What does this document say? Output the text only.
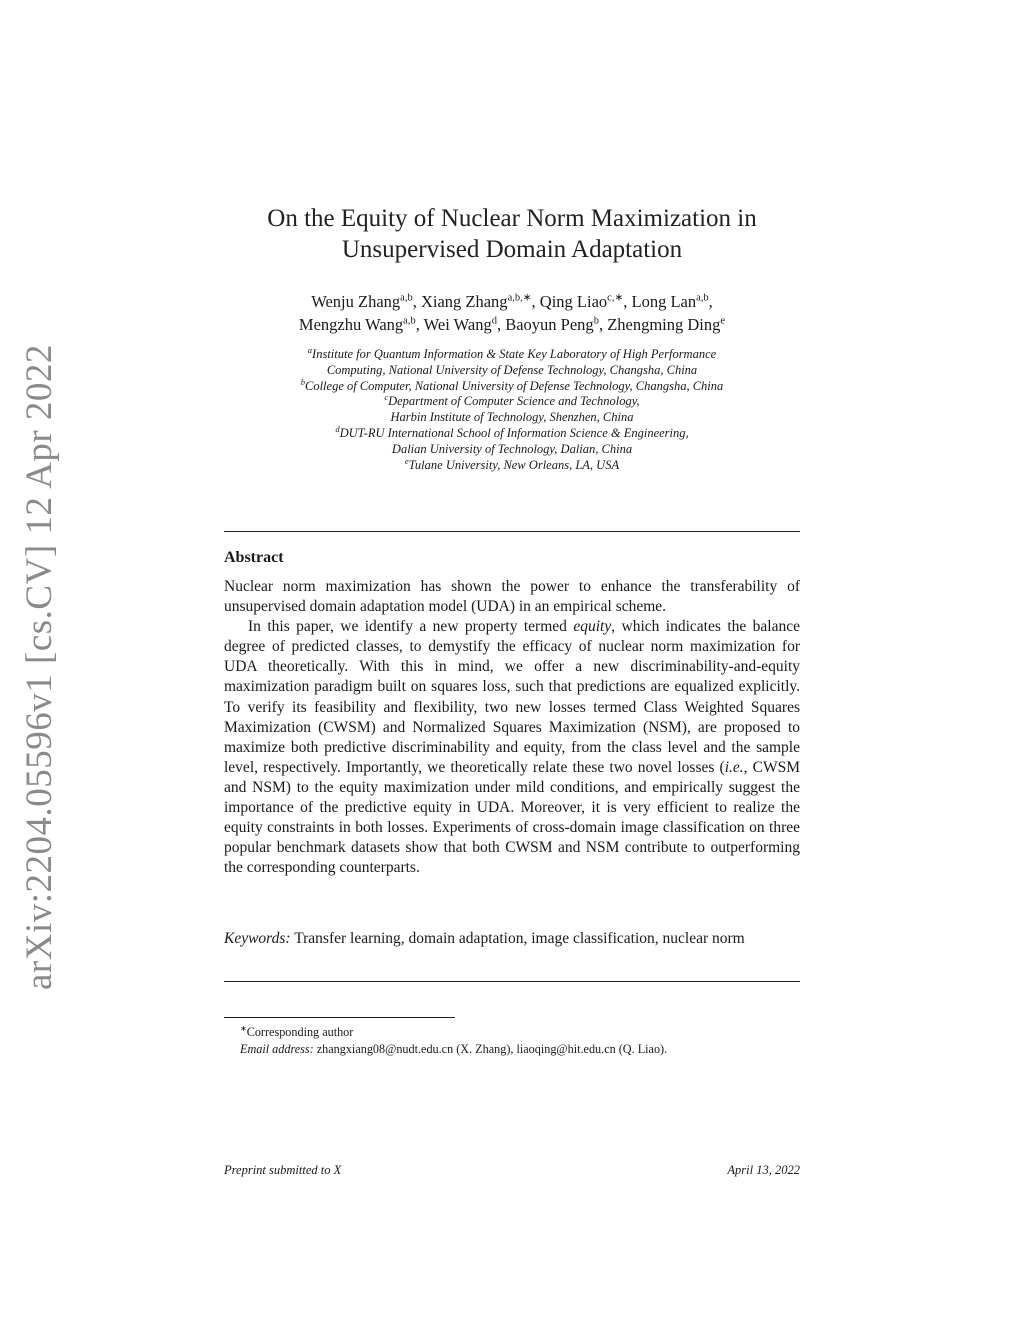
arXiv:2204.05596v1 [cs.CV] 12 Apr 2022
On the Equity of Nuclear Norm Maximization in
Unsupervised Domain Adaptation
Wenju Zhang$^{a,b}$, Xiang Zhang$^{a,b,∗}$, Qing Liao$^{c,∗}$, Long Lan$^{a,b}$,
Mengzhu Wang$^{a,b}$, Wei Wang$^d$, Baoyun Peng$^b$, Zhengming Ding$^e$
$^a$Institute for Quantum Information & State Key Laboratory of High Performance
Computing, National University of Defense Technology, Changsha, China
$^b$College of Computer, National University of Defense Technology, Changsha, China
$^c$Department of Computer Science and Technology,
Harbin Institute of Technology, Shenzhen, China
$^d$DUT-RU International School of Information Science & Engineering,
Dalian University of Technology, Dalian, China
$^e$Tulane University, New Orleans, LA, USA
Abstract

Nuclear norm maximization has shown the power to enhance the transferability of unsupervised domain adaptation model (UDA) in an empirical scheme.

In this paper, we identify a new property termed equity, which indicates the balance degree of predicted classes, to demystify the efficacy of nuclear norm maximization for UDA theoretically. With this in mind, we offer a new discriminability-and-equity maximization paradigm built on squares loss, such that predictions are equalized explicitly. To verify its feasibility and flexibility, two new losses termed Class Weighted Squares Maximization (CWSM) and Normalized Squares Maximization (NSM), are proposed to maximize both predictive discriminability and equity, from the class level and the sample level, respectively. Importantly, we theoretically relate these two novel losses (i.e., CWSM and NSM) to the equity maximization under mild conditions, and empirically suggest the importance of the predictive equity in UDA. Moreover, it is very efficient to realize the equity constraints in both losses. Experiments of cross-domain image classification on three popular benchmark datasets show that both CWSM and NSM contribute to outperforming the corresponding counterparts.

Keywords: Transfer learning, domain adaptation, image classification, nuclear norm
∗Corresponding author
Email address: zhangxiang08@nudt.edu.cn (X. Zhang), liaoqing@hit.edu.cn (Q. Liao).
Preprint submitted to X	April 13, 2022
